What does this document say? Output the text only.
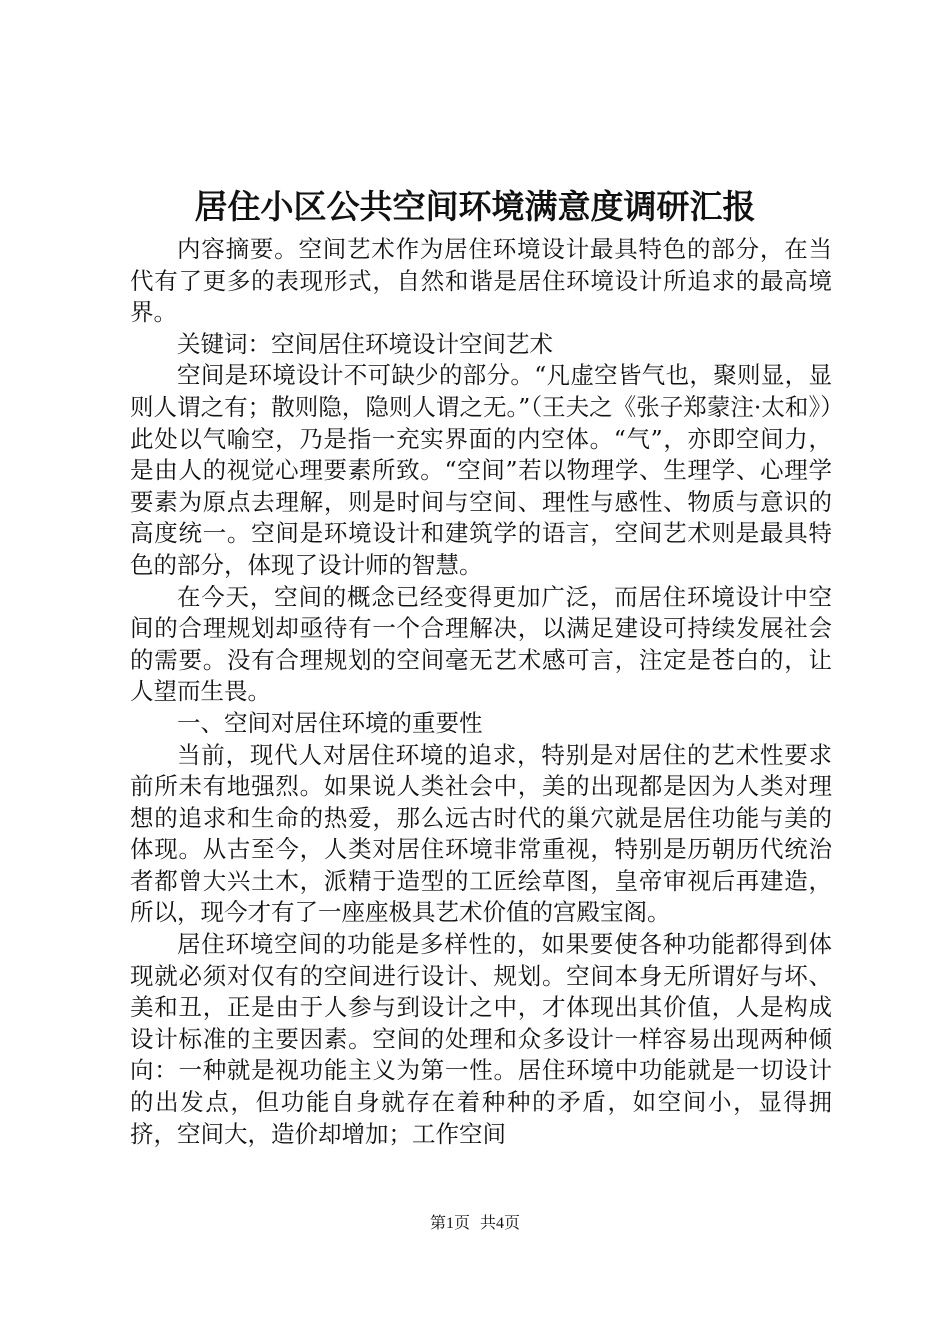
居住小区公共空间环境满意度调研汇报

内容摘要。空间艺术作为居住环境设计最具特色的部分，在当代有了更多的表现形式，自然和谐是居住环境设计所追求的最高境界。

关键词：空间居住环境设计空间艺术

空间是环境设计不可缺少的部分。“凡虚空皆气也，聚则显，显则人谓之有；散则隐，隐则人谓之无。”（王夫之《张子郑蒙注·太和》）此处以气喻空，乃是指一充实界面的内空体。“气”，亦即空间力，是由人的视觉心理要素所致。“空间”若以物理学、生理学、心理学要素为原点去理解，则是时间与空间、理性与感性、物质与意识的高度统一。空间是环境设计和建筑学的语言，空间艺术则是最具特色的部分，体现了设计师的智慧。

在今天，空间的概念已经变得更加广泛，而居住环境设计中空间的合理规划却亟待有一个合理解决，以满足建设可持续发展社会的需要。没有合理规划的空间毫无艺术感可言，注定是苍白的，让人望而生畏。

一、空间对居住环境的重要性

当前，现代人对居住环境的追求，特别是对居住的艺术性要求前所未有地强烈。如果说人类社会中，美的出现都是因为人类对理想的追求和生命的热爱，那么远古时代的巢穴就是居住功能与美的体现。从古至今，人类对居住环境非常重视，特别是历朝历代统治者都曾大兴土木，派精于造型的工匠绘草图，皇帝审视后再建造，所以，现今才有了一座座极具艺术价值的宫殿宝阁。

居住环境空间的功能是多样性的，如果要使各种功能都得到体现就必须对仅有的空间进行设计、规划。空间本身无所谓好与坏、美和丑，正是由于人参与到设计之中，才体现出其价值，人是构成设计标准的主要因素。空间的处理和众多设计一样容易出现两种倾向：一种就是视功能主义为第一性。居住环境中功能就是一切设计的出发点，但功能自身就存在着种种的矛盾，如空间小，显得拥挤，空间大，造价却增加；工作空间

第1页 共4页
